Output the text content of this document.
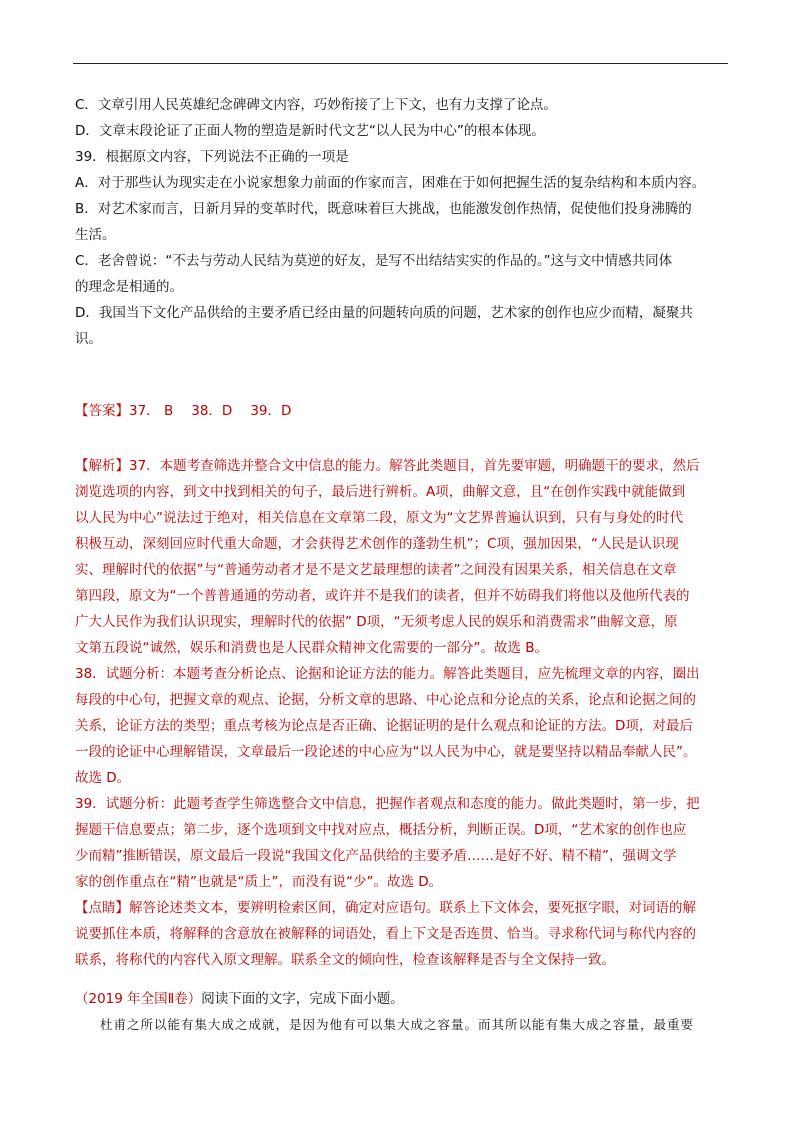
C．文章引用人民英雄纪念碑碑文内容，巧妙衔接了上下文，也有力支撑了论点。
D．文章末段论证了正面人物的塑造是新时代文艺“以人民为中心”的根本体现。
39．根据原文内容，下列说法不正确的一项是
A．对于那些认为现实走在小说家想象力前面的作家而言，困难在于如何把握生活的复杂结构和本质内容。
B．对艺术家而言，日新月异的变革时代，既意味着巨大挑战，也能激发创作热情，促使他们投身沸腾的
生活。
C．老舍曾说：“不去与劳动人民结为莫逆的好友，是写不出结结实实的作品的。”这与文中情感共同体
的理念是相通的。
D．我国当下文化产品供给的主要矛盾已经由量的问题转向质的问题，艺术家的创作也应少而精，凝聚共
识。
【答案】37． B 38．D 39．D
【解析】37．本题考查筛选并整合文中信息的能力。解答此类题目，首先要审题，明确题干的要求，然后
浏览选项的内容，到文中找到相关的句子，最后进行辨析。A项，曲解文意，且“在创作实践中就能做到
以人民为中心”说法过于绝对，相关信息在文章第二段，原文为“文艺界普遍认识到，只有与身处的时代
积极互动，深刻回应时代重大命题，才会获得艺术创作的蓬勃生机”；C项，强加因果，“人民是认识现
实、理解时代的依据”与“普通劳动者才是不是文艺最理想的读者”之间没有因果关系，相关信息在文章
第四段，原文为“一个普普通通的劳动者，或许并不是我们的读者，但并不妨碍我们将他以及他所代表的
广大人民作为我们认识现实，理解时代的依据” D项，“无须考虑人民的娱乐和消费需求”曲解文意，原
文第五段说“诚然，娱乐和消费也是人民群众精神文化需要的一部分”。故选 B。
38．试题分析：本题考查分析论点、论据和论证方法的能力。解答此类题目，应先梳理文章的内容，圈出
每段的中心句，把握文章的观点、论据，分析文章的思路、中心论点和分论点的关系，论点和论据之间的
关系，论证方法的类型；重点考核为论点是否正确、论据证明的是什么观点和论证的方法。D项，对最后
一段的论证中心理解错误，文章最后一段论述的中心应为“以人民为中心，就是要坚持以精品奉献人民”。
故选 D。
39．试题分析：此题考查学生筛选整合文中信息，把握作者观点和态度的能力。做此类题时，第一步，把
握题干信息要点；第二步，逐个选项到文中找对应点，概括分析，判断正误。D项，“艺术家的创作也应
少而精”推断错误，原文最后一段说“我国文化产品供给的主要矛盾……是好不好、精不精”，强调文学
家的创作重点在“精”也就是“质上”，而没有说“少”。故选 D。
【点睛】解答论述类文本，要辨明检索区间，确定对应语句。联系上下文体会，要死抠字眼，对词语的解
说要抓住本质，将解释的含意放在被解释的词语处，看上下文是否连贯、恰当。寻求称代词与称代内容的
联系，将称代的内容代入原文理解。联系全文的倾向性，检查该解释是否与全文保持一致。
（2019 年全国Ⅱ卷）阅读下面的文字，完成下面小题。
杜甫之所以能有集大成之成就，是因为他有可以集大成之容量。而其所以能有集大成之容量，最重要
